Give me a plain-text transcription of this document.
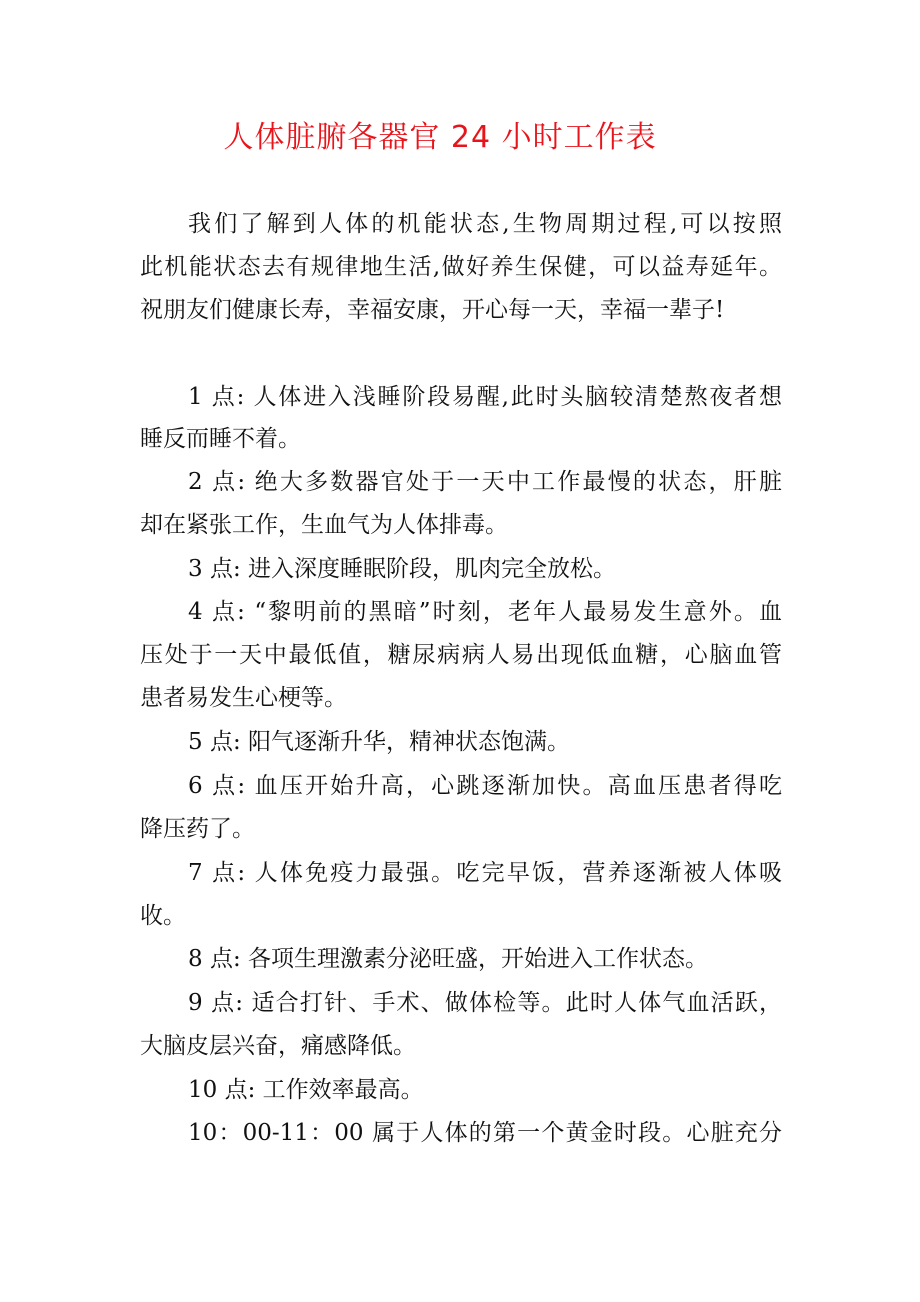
人体脏腑各器官 24 小时工作表
我们了解到人体的机能状态,生物周期过程,可以按照
此机能状态去有规律地生活,做好养生保健，可以益寿延年。
祝朋友们健康长寿，幸福安康，开心每一天，幸福一辈子!
1 点: 人体进入浅睡阶段易醒,此时头脑较清楚熬夜者想
睡反而睡不着。
2 点: 绝大多数器官处于一天中工作最慢的状态，肝脏
却在紧张工作，生血气为人体排毒。
3 点: 进入深度睡眠阶段，肌肉完全放松。
4 点: “黎明前的黑暗”时刻，老年人最易发生意外。血
压处于一天中最低值，糖尿病病人易出现低血糖，心脑血管
患者易发生心梗等。
5 点: 阳气逐渐升华，精神状态饱满。
6 点: 血压开始升高，心跳逐渐加快。高血压患者得吃
降压药了。
7 点: 人体免疫力最强。吃完早饭，营养逐渐被人体吸
收。
8 点: 各项生理激素分泌旺盛，开始进入工作状态。
9 点: 适合打针、手术、做体检等。此时人体气血活跃，
大脑皮层兴奋，痛感降低。
10 点: 工作效率最高。
10：00-11：00 属于人体的第一个黄金时段。心脏充分
